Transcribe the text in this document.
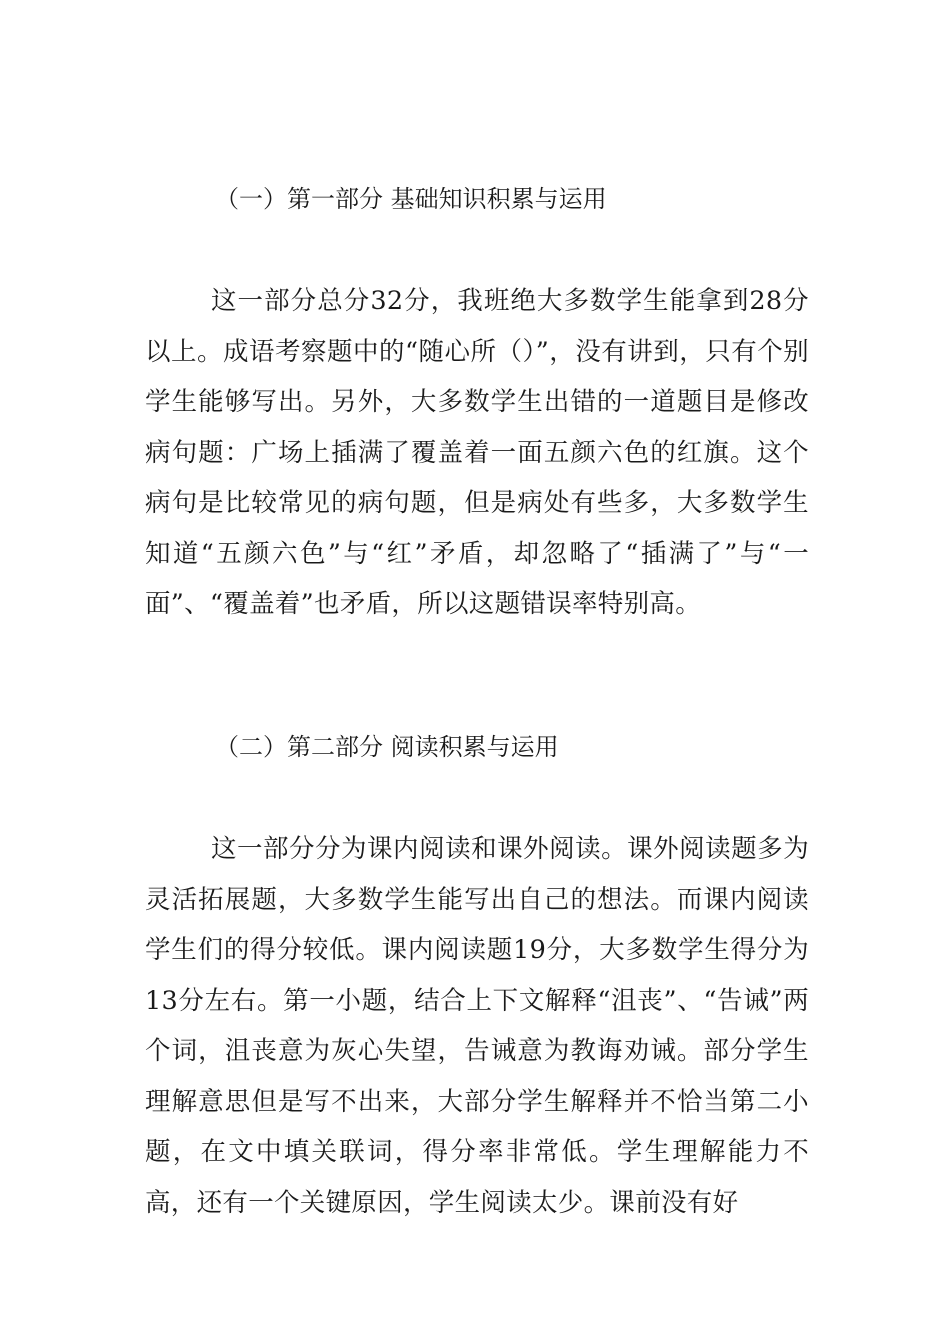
（一）第一部分 基础知识积累与运用

这一部分总分32分，我班绝大多数学生能拿到28分以上。成语考察题中的“随心所（）”，没有讲到，只有个别学生能够写出。另外，大多数学生出错的一道题目是修改病句题：广场上插满了覆盖着一面五颜六色的红旗。这个病句是比较常见的病句题，但是病处有些多，大多数学生知道“五颜六色”与“红”矛盾，却忽略了“插满了”与“一面”、“覆盖着”也矛盾，所以这题错误率特别高。

（二）第二部分 阅读积累与运用

这一部分分为课内阅读和课外阅读。课外阅读题多为灵活拓展题，大多数学生能写出自己的想法。而课内阅读学生们的得分较低。课内阅读题19分，大多数学生得分为13分左右。第一小题，结合上下文解释“沮丧”、“告诫”两个词，沮丧意为灰心失望，告诫意为教诲劝诫。部分学生理解意思但是写不出来，大部分学生解释并不恰当第二小题，在文中填关联词，得分率非常低。学生理解能力不高，还有一个关键原因，学生阅读太少。课前没有好
